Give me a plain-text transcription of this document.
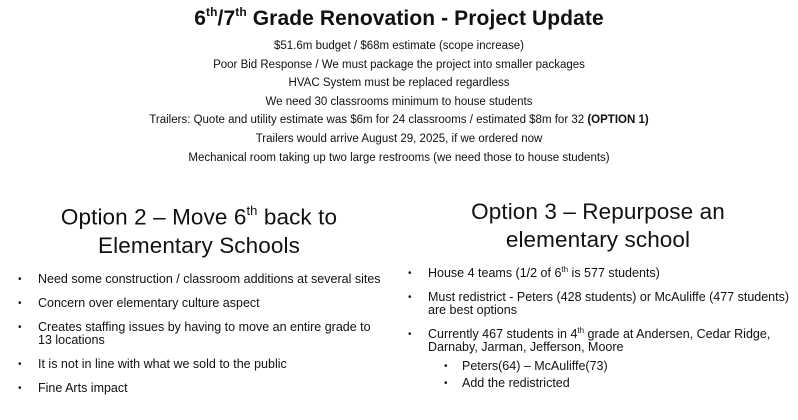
6th/7th Grade Renovation - Project Update
$51.6m budget / $68m estimate (scope increase)
Poor Bid Response / We must package the project into smaller packages
HVAC System must be replaced regardless
We need 30 classrooms minimum to house students
Trailers: Quote and utility estimate was $6m for 24 classrooms / estimated $8m for 32 (OPTION 1)
Trailers would arrive August 29, 2025, if we ordered now
Mechanical room taking up two large restrooms (we need those to house students)
Option 2 – Move 6th back to
Elementary Schools
• Need some construction / classroom additions at several sites
• Concern over elementary culture aspect
• Creates staffing issues by having to move an entire grade to 13 locations
• It is not in line with what we sold to the public
• Fine Arts impact
Option 3 – Repurpose an
elementary school
• House 4 teams (1/2 of 6th is 577 students)
• Must redistrict - Peters (428 students) or McAuliffe (477 students) are best options
• Currently 467 students in 4th grade at Andersen, Cedar Ridge, Darnaby, Jarman, Jefferson, Moore
• Peters(64) – McAuliffe(73)
• Add the redistricted
